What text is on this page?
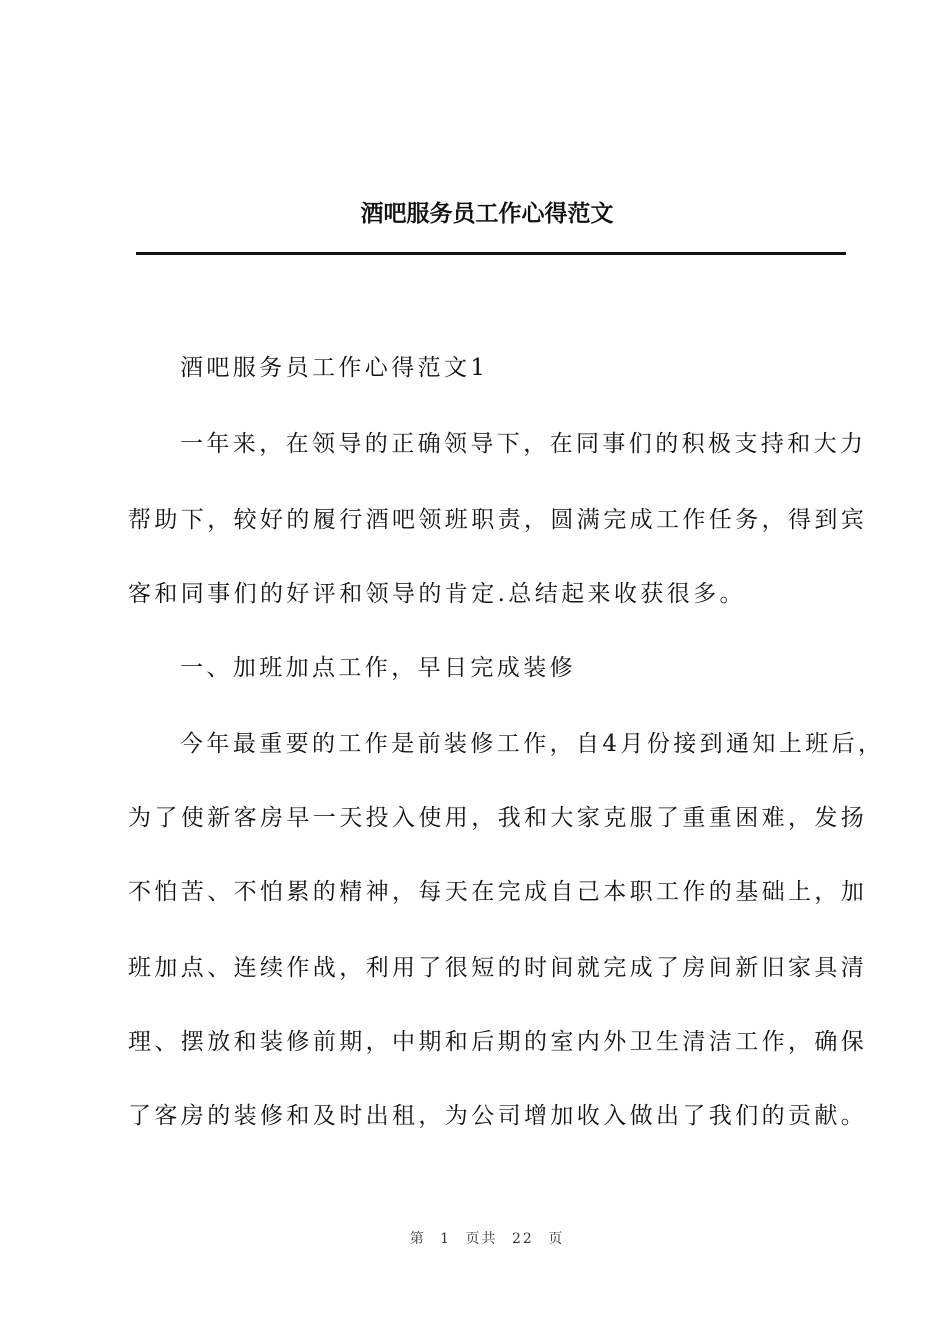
酒吧服务员工作心得范文
酒吧服务员工作心得范文1
一年来，在领导的正确领导下，在同事们的积极支持和大力
帮助下，较好的履行酒吧领班职责，圆满完成工作任务，得到宾
客和同事们的好评和领导的肯定.总结起来收获很多。
一、加班加点工作，早日完成装修
今年最重要的工作是前装修工作，自4月份接到通知上班后，
为了使新客房早一天投入使用，我和大家克服了重重困难，发扬
不怕苦、不怕累的精神，每天在完成自己本职工作的基础上，加
班加点、连续作战，利用了很短的时间就完成了房间新旧家具清
理、摆放和装修前期，中期和后期的室内外卫生清洁工作，确保
了客房的装修和及时出租，为公司增加收入做出了我们的贡献。
第 1 页共 22 页
